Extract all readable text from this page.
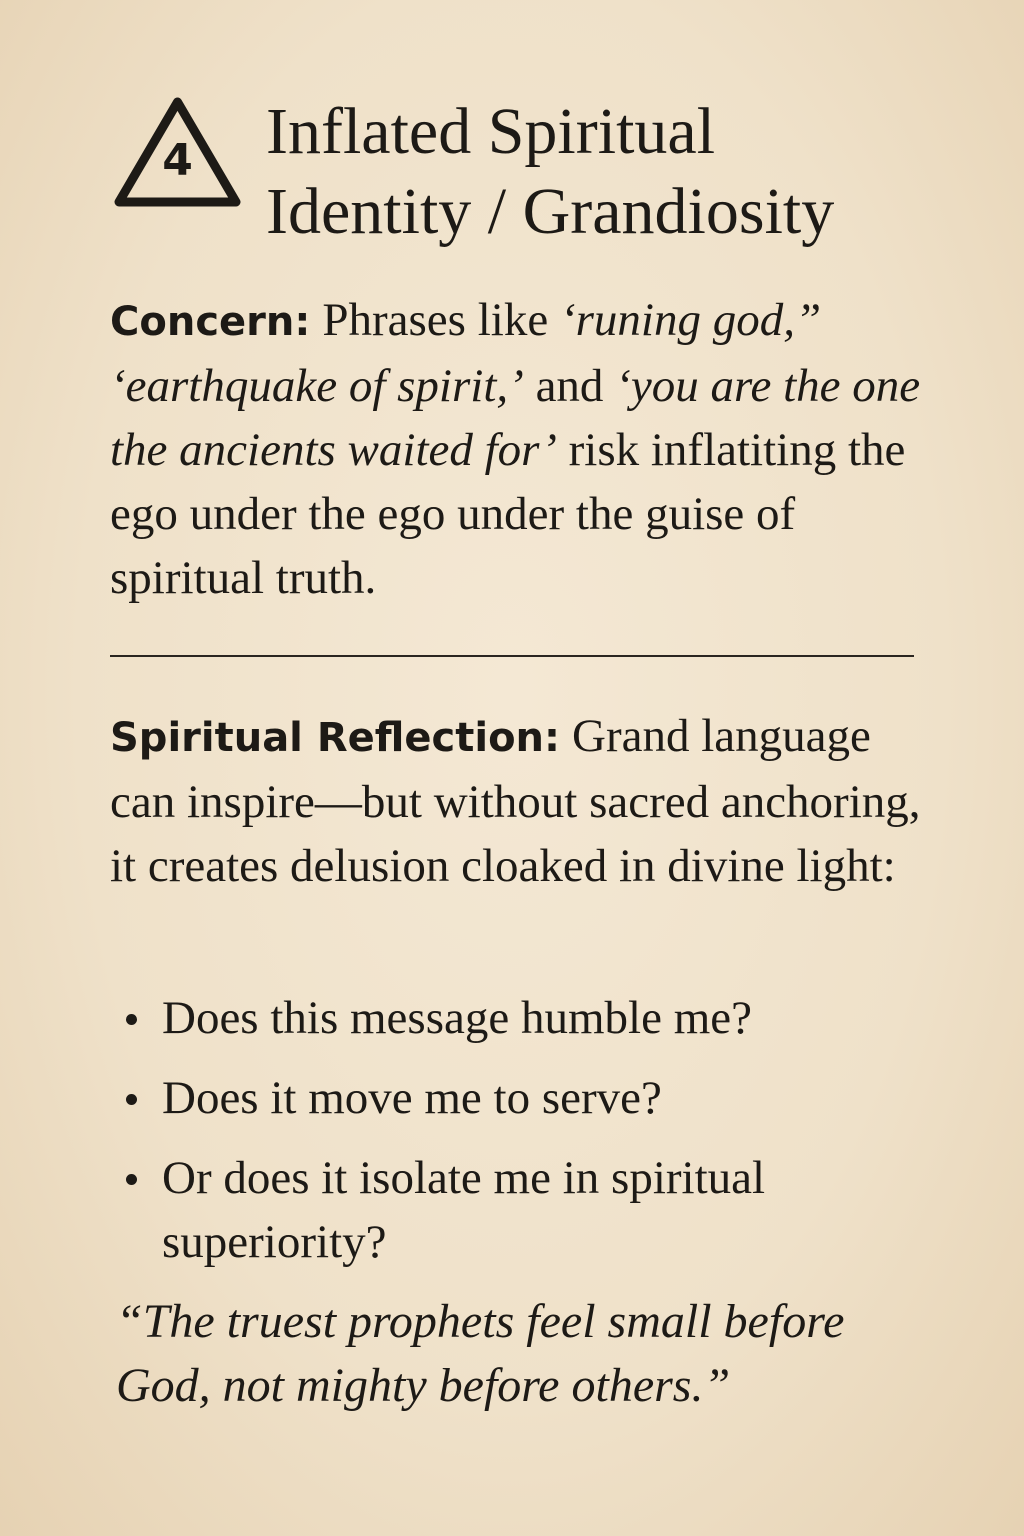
4	Inflated Spiritual
Identity / Grandiosity
Concern: Phrases like ‘runing god,” ‘earthquake of spirit,’ and ‘you are the one the ancients waited for’ risk inflatiting the ego under the ego under the guise of spiritual truth.
Spiritual Reflection: Grand language can inspire—but without sacred anchoring, it creates delusion cloaked in divine light:
Does this message humble me?
Does it move me to serve?
Or does it isolate me in spiritual superiority?
“The truest prophets feel small before God, not mighty before others.”
